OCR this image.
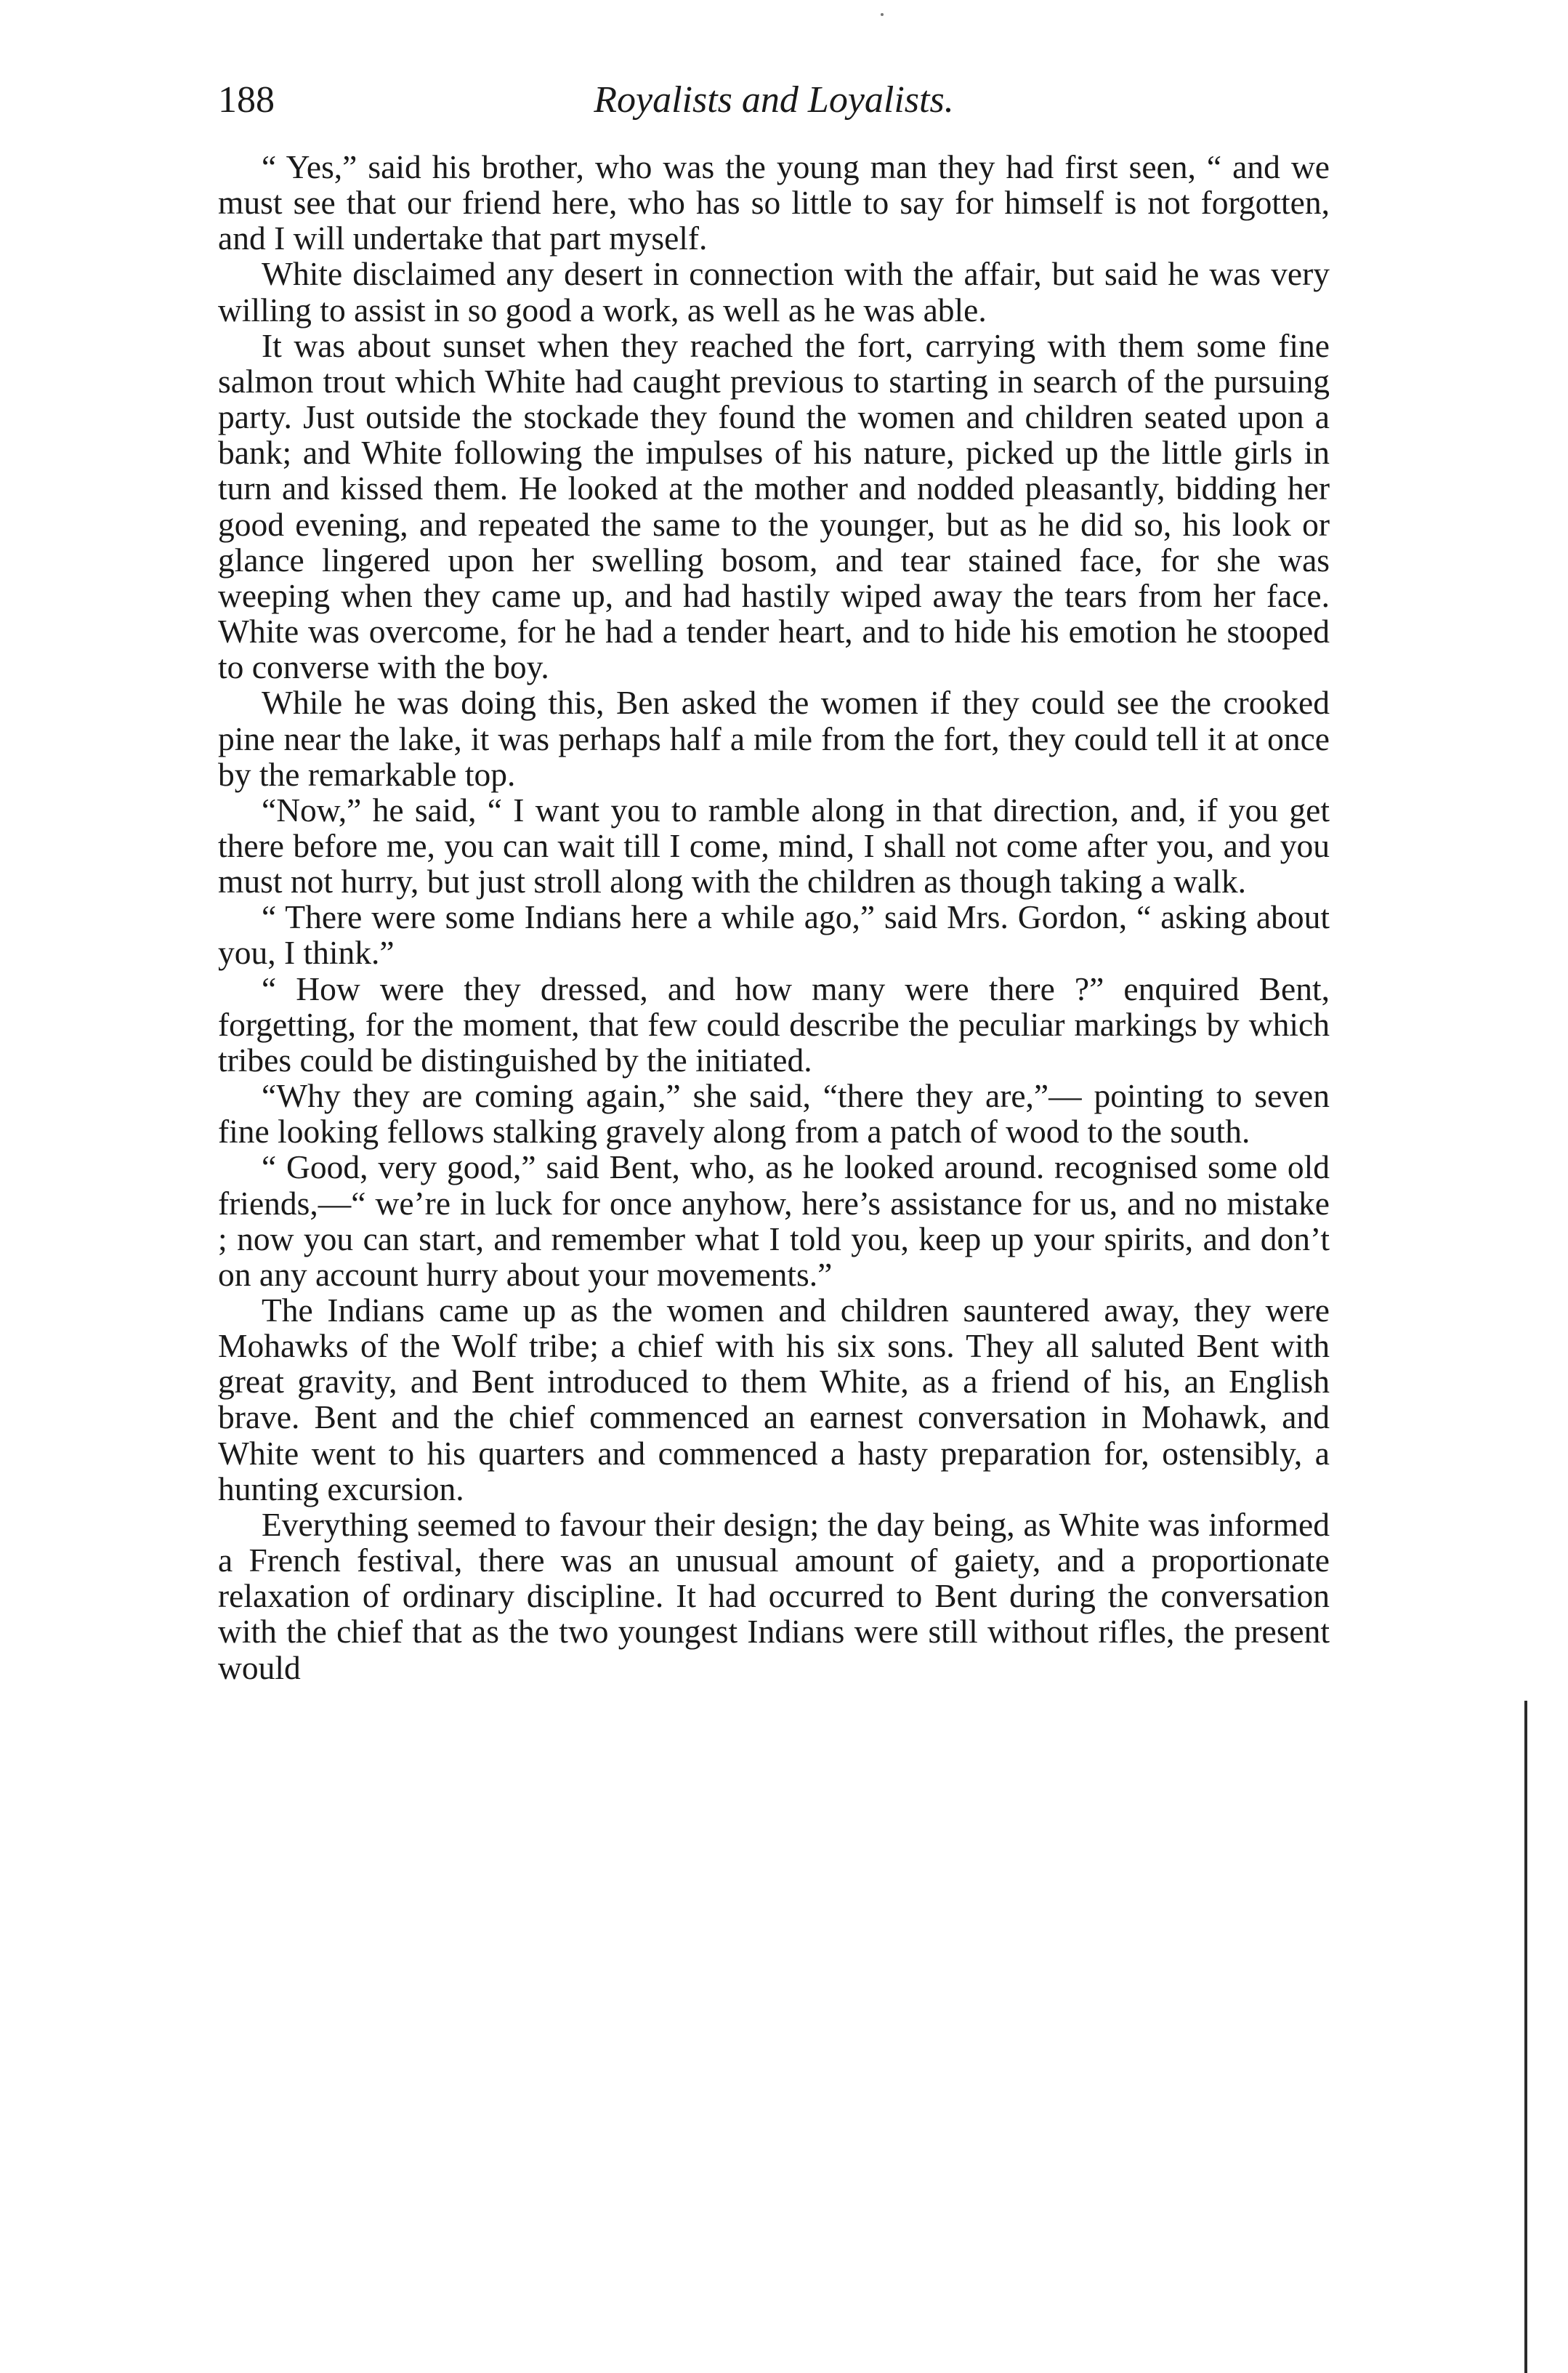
188	Royalists and Loyalists.

“ Yes,” said his brother, who was the young man they had first seen, “ and we must see that our friend here, who has so little to say for himself is not forgotten, and I will undertake that part myself.

White disclaimed any desert in connection with the affair, but said he was very willing to assist in so good a work, as well as he was able.

It was about sunset when they reached the fort, carrying with them some fine salmon trout which White had caught previous to starting in search of the pursuing party. Just outside the stockade they found the women and children seated upon a bank; and White following the impulses of his nature, picked up the little girls in turn and kissed them. He looked at the mother and nodded pleasantly, bidding her good evening, and repeated the same to the younger, but as he did so, his look or glance lingered upon her swelling bosom, and tear stained face, for she was weeping when they came up, and had hastily wiped away the tears from her face. White was overcome, for he had a tender heart, and to hide his emotion he stooped to converse with the boy.

While he was doing this, Ben asked the women if they could see the crooked pine near the lake, it was perhaps half a mile from the fort, they could tell it at once by the remarkable top.

“Now,” he said, “ I want you to ramble along in that direction, and, if you get there before me, you can wait till I come, mind, I shall not come after you, and you must not hurry, but just stroll along with the children as though taking a walk.

“ There were some Indians here a while ago,” said Mrs. Gordon, “ asking about you, I think.”

“ How were they dressed, and how many were there ?” enquired Bent, forgetting, for the moment, that few could describe the peculiar markings by which tribes could be distinguished by the initiated.

“Why they are coming again,” she said, “there they are,”— pointing to seven fine looking fellows stalking gravely along from a patch of wood to the south.

“ Good, very good,” said Bent, who, as he looked around. recognised some old friends,—“ we’re in luck for once anyhow, here’s assistance for us, and no mistake ; now you can start, and remember what I told you, keep up your spirits, and don’t on any account hurry about your movements.”

The Indians came up as the women and children sauntered away, they were Mohawks of the Wolf tribe; a chief with his six sons. They all saluted Bent with great gravity, and Bent introduced to them White, as a friend of his, an English brave. Bent and the chief commenced an earnest conversation in Mohawk, and White went to his quarters and commenced a hasty preparation for, ostensibly, a hunting excursion.

Everything seemed to favour their design; the day being, as White was informed a French festival, there was an unusual amount of gaiety, and a proportionate relaxation of ordinary discipline. It had occurred to Bent during the conversation with the chief that as the two youngest Indians were still without rifles, the present would
